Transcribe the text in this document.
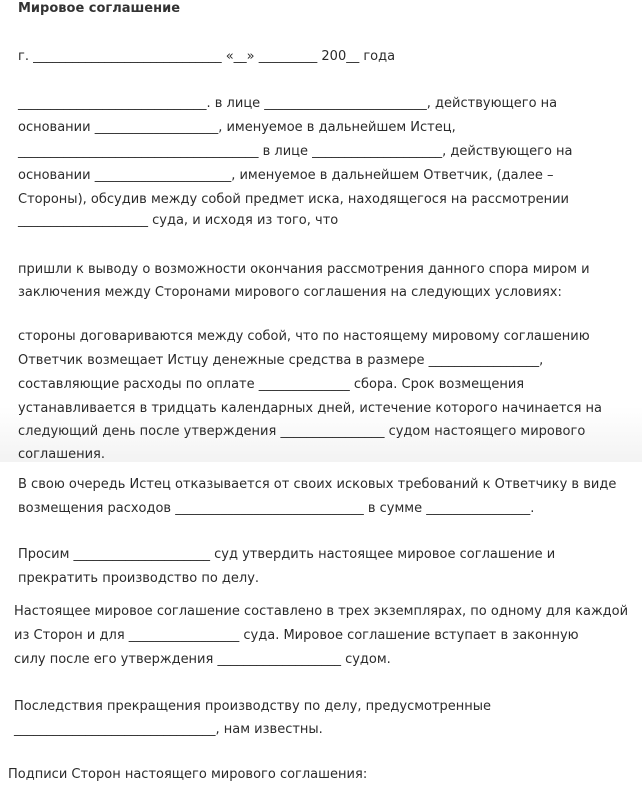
Мировое соглашение
г. _____________________________ «__» _________ 200__ года
_____________________________. в лице _________________________, действующего на
основании ___________________, именуемое в дальнейшем Истец,
_____________________________________ в лице ____________________, действующего на
основании _____________________, именуемое в дальнейшем Ответчик, (далее –
Стороны), обсудив между собой предмет иска, находящегося на рассмотрении
____________________ суда, и исходя из того, что
пришли к выводу о возможности окончания рассмотрения данного спора миром и
заключения между Сторонами мирового соглашения на следующих условиях:
стороны договариваются между собой, что по настоящему мировому соглашению
Ответчик возмещает Истцу денежные средства в размере _________________,
составляющие расходы по оплате ______________ сбора. Срок возмещения
устанавливается в тридцать календарных дней, истечение которого начинается на
следующий день после утверждения ________________ судом настоящего мирового
соглашения.
В свою очередь Истец отказывается от своих исковых требований к Ответчику в виде
возмещения расходов _____________________________ в сумме ________________.
Просим _____________________ суд утвердить настоящее мировое соглашение и
прекратить производство по делу.
Настоящее мировое соглашение составлено в трех экземплярах, по одному для каждой
из Сторон и для _________________ суда. Мировое соглашение вступает в законную
силу после его утверждения ___________________ судом.
Последствия прекращения производству по делу, предусмотренные
_______________________________, нам известны.
Подписи Сторон настоящего мирового соглашения:
